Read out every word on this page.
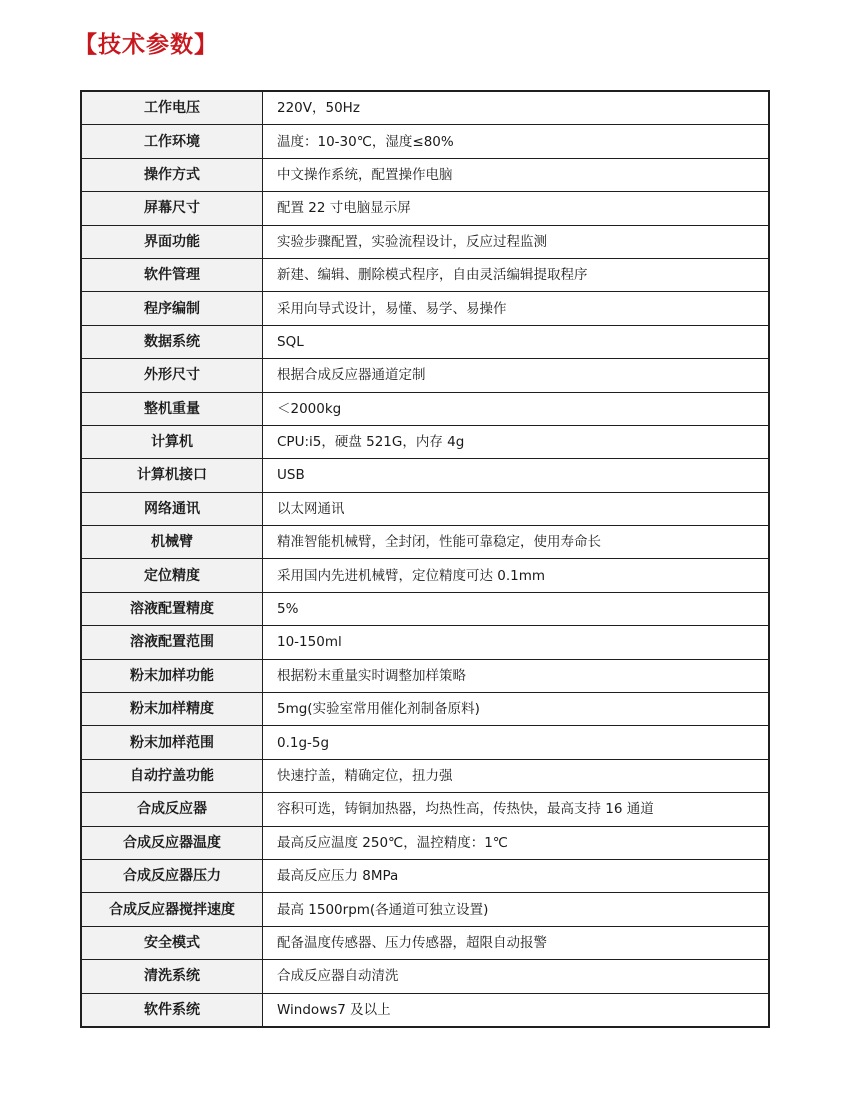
【技术参数】
工作电压	220V，50Hz
工作环境	温度：10-30℃，湿度≤80%
操作方式	中文操作系统，配置操作电脑
屏幕尺寸	配置 22 寸电脑显示屏
界面功能	实验步骤配置，实验流程设计，反应过程监测
软件管理	新建、编辑、删除模式程序，自由灵活编辑提取程序
程序编制	采用向导式设计，易懂、易学、易操作
数据系统	SQL
外形尺寸	根据合成反应器通道定制
整机重量	＜2000kg
计算机	CPU:i5，硬盘 521G，内存 4g
计算机接口	USB
网络通讯	以太网通讯
机械臂	精准智能机械臂，全封闭，性能可靠稳定，使用寿命长
定位精度	采用国内先进机械臂，定位精度可达 0.1mm
溶液配置精度	5%
溶液配置范围	10-150ml
粉末加样功能	根据粉末重量实时调整加样策略
粉末加样精度	5mg(实验室常用催化剂制备原料)
粉末加样范围	0.1g-5g
自动拧盖功能	快速拧盖，精确定位，扭力强
合成反应器	容积可选，铸铜加热器，均热性高，传热快，最高支持 16 通道
合成反应器温度	最高反应温度 250℃，温控精度：1℃
合成反应器压力	最高反应压力 8MPa
合成反应器搅拌速度	最高 1500rpm(各通道可独立设置)
安全模式	配备温度传感器、压力传感器，超限自动报警
清洗系统	合成反应器自动清洗
软件系统	Windows7 及以上
